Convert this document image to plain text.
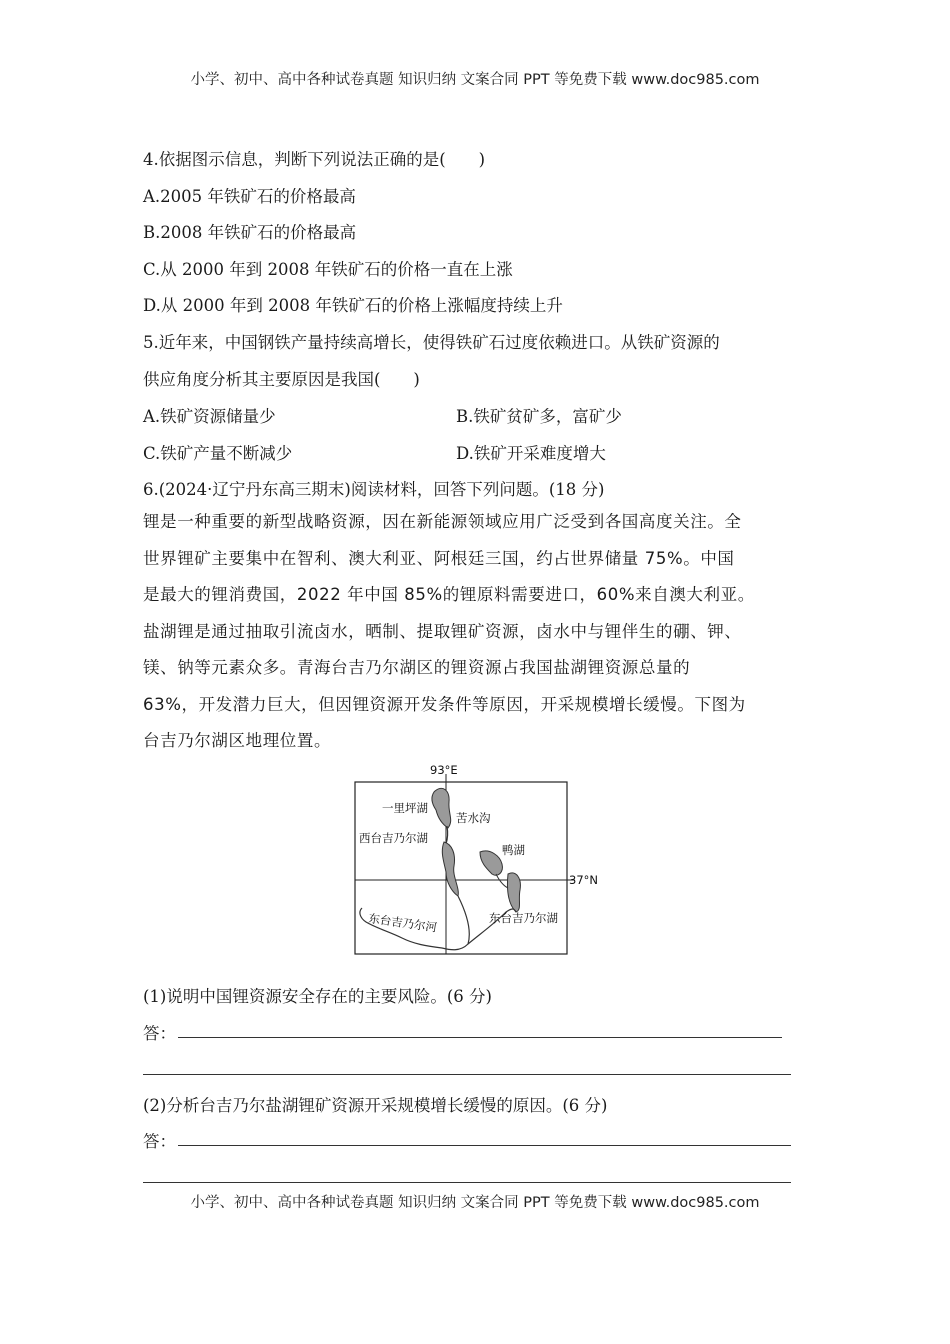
小学、初中、高中各种试卷真题 知识归纳 文案合同 PPT 等免费下载 www.doc985.com
4.依据图示信息，判断下列说法正确的是(　　)
A.2005 年铁矿石的价格最高
B.2008 年铁矿石的价格最高
C.从 2000 年到 2008 年铁矿石的价格一直在上涨
D.从 2000 年到 2008 年铁矿石的价格上涨幅度持续上升
5.近年来，中国钢铁产量持续高增长，使得铁矿石过度依赖进口。从铁矿资源的
供应角度分析其主要原因是我国(　　)
A.铁矿资源储量少	B.铁矿贫矿多，富矿少
C.铁矿产量不断减少	D.铁矿开采难度增大
6.(2024·辽宁丹东高三期末)阅读材料，回答下列问题。(18 分)

锂是一种重要的新型战略资源，因在新能源领域应用广泛受到各国高度关注。全

世界锂矿主要集中在智利、澳大利亚、阿根廷三国，约占世界储量 75%。中国

是最大的锂消费国，2022 年中国 85%的锂原料需要进口，60%来自澳大利亚。

盐湖锂是通过抽取引流卤水，晒制、提取锂矿资源，卤水中与锂伴生的硼、钾、

镁、钠等元素众多。青海台吉乃尔湖区的锂资源占我国盐湖锂资源总量的

63%，开发潜力巨大，但因锂资源开发条件等原因，开采规模增长缓慢。下图为

台吉乃尔湖区地理位置。

93°E
37°N
一里坪湖
苦水沟
西台吉乃尔湖
鸭湖
东台吉乃尔湖
东台吉乃尔河
(1)说明中国锂资源安全存在的主要风险。(6 分)
答：
(2)分析台吉乃尔盐湖锂矿资源开采规模增长缓慢的原因。(6 分)
答：
小学、初中、高中各种试卷真题 知识归纳 文案合同 PPT 等免费下载 www.doc985.com
